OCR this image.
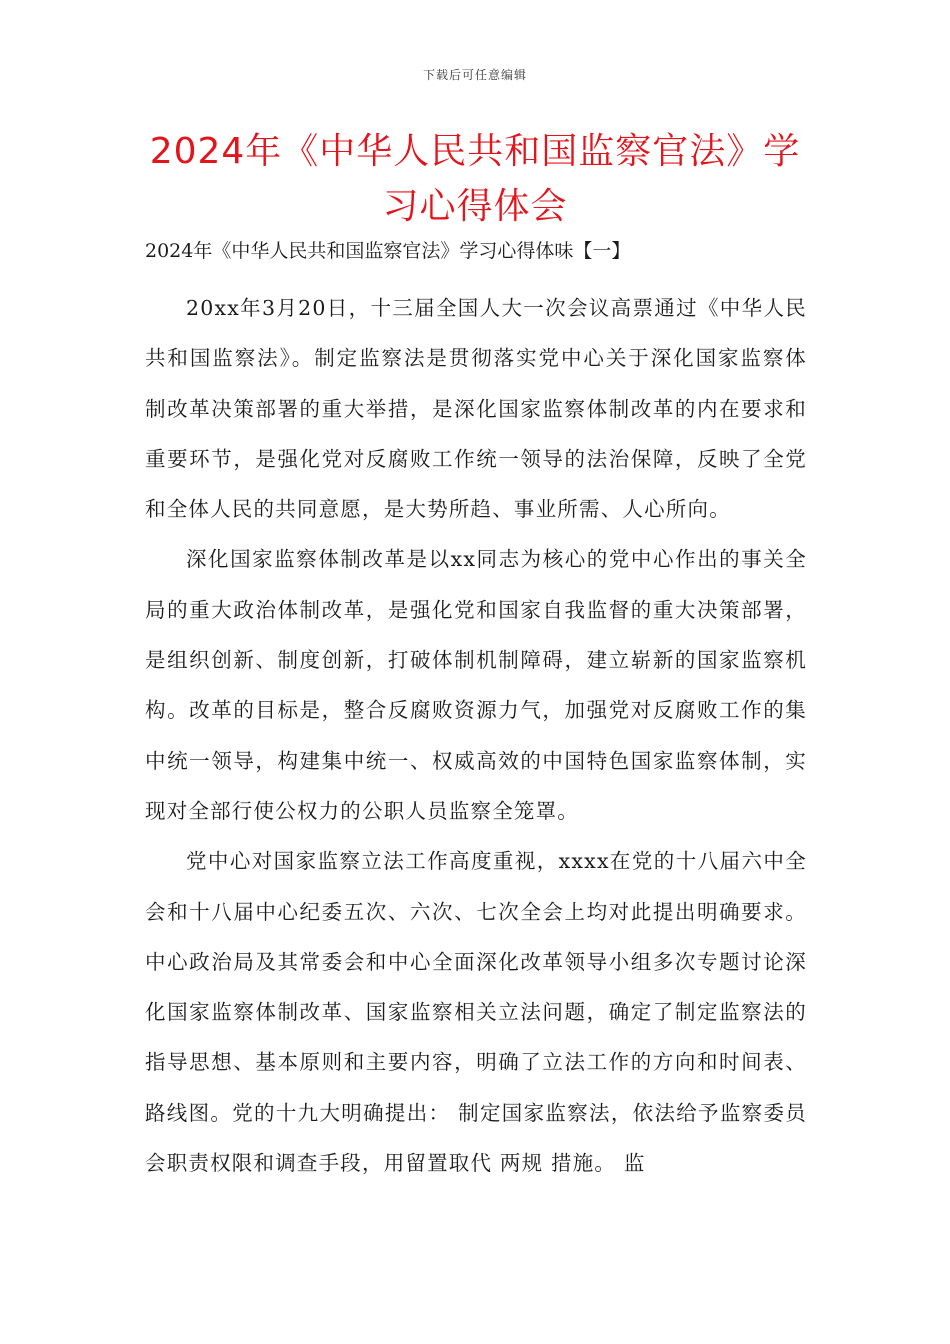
下载后可任意编辑
2024年《中华人民共和国监察官法》学习心得体会
2024年《中华人民共和国监察官法》学习心得体味【一】

20xx年3月20日，十三届全国人大一次会议高票通过《中华人民共和国监察法》。制定监察法是贯彻落实党中心关于深化国家监察体制改革决策部署的重大举措，是深化国家监察体制改革的内在要求和重要环节，是强化党对反腐败工作统一领导的法治保障，反映了全党和全体人民的共同意愿，是大势所趋、事业所需、人心所向。

深化国家监察体制改革是以xx同志为核心的党中心作出的事关全局的重大政治体制改革，是强化党和国家自我监督的重大决策部署，是组织创新、制度创新，打破体制机制障碍，建立崭新的国家监察机构。改革的目标是，整合反腐败资源力气，加强党对反腐败工作的集中统一领导，构建集中统一、权威高效的中国特色国家监察体制，实现对全部行使公权力的公职人员监察全笼罩。

党中心对国家监察立法工作高度重视，xxxx在党的十八届六中全会和十八届中心纪委五次、六次、七次全会上均对此提出明确要求。中心政治局及其常委会和中心全面深化改革领导小组多次专题讨论深化国家监察体制改革、国家监察相关立法问题，确定了制定监察法的指导思想、基本原则和主要内容，明确了立法工作的方向和时间表、路线图。党的十九大明确提出： 制定国家监察法，依法给予监察委员会职责权限和调查手段，用留置取代 两规 措施。 监
